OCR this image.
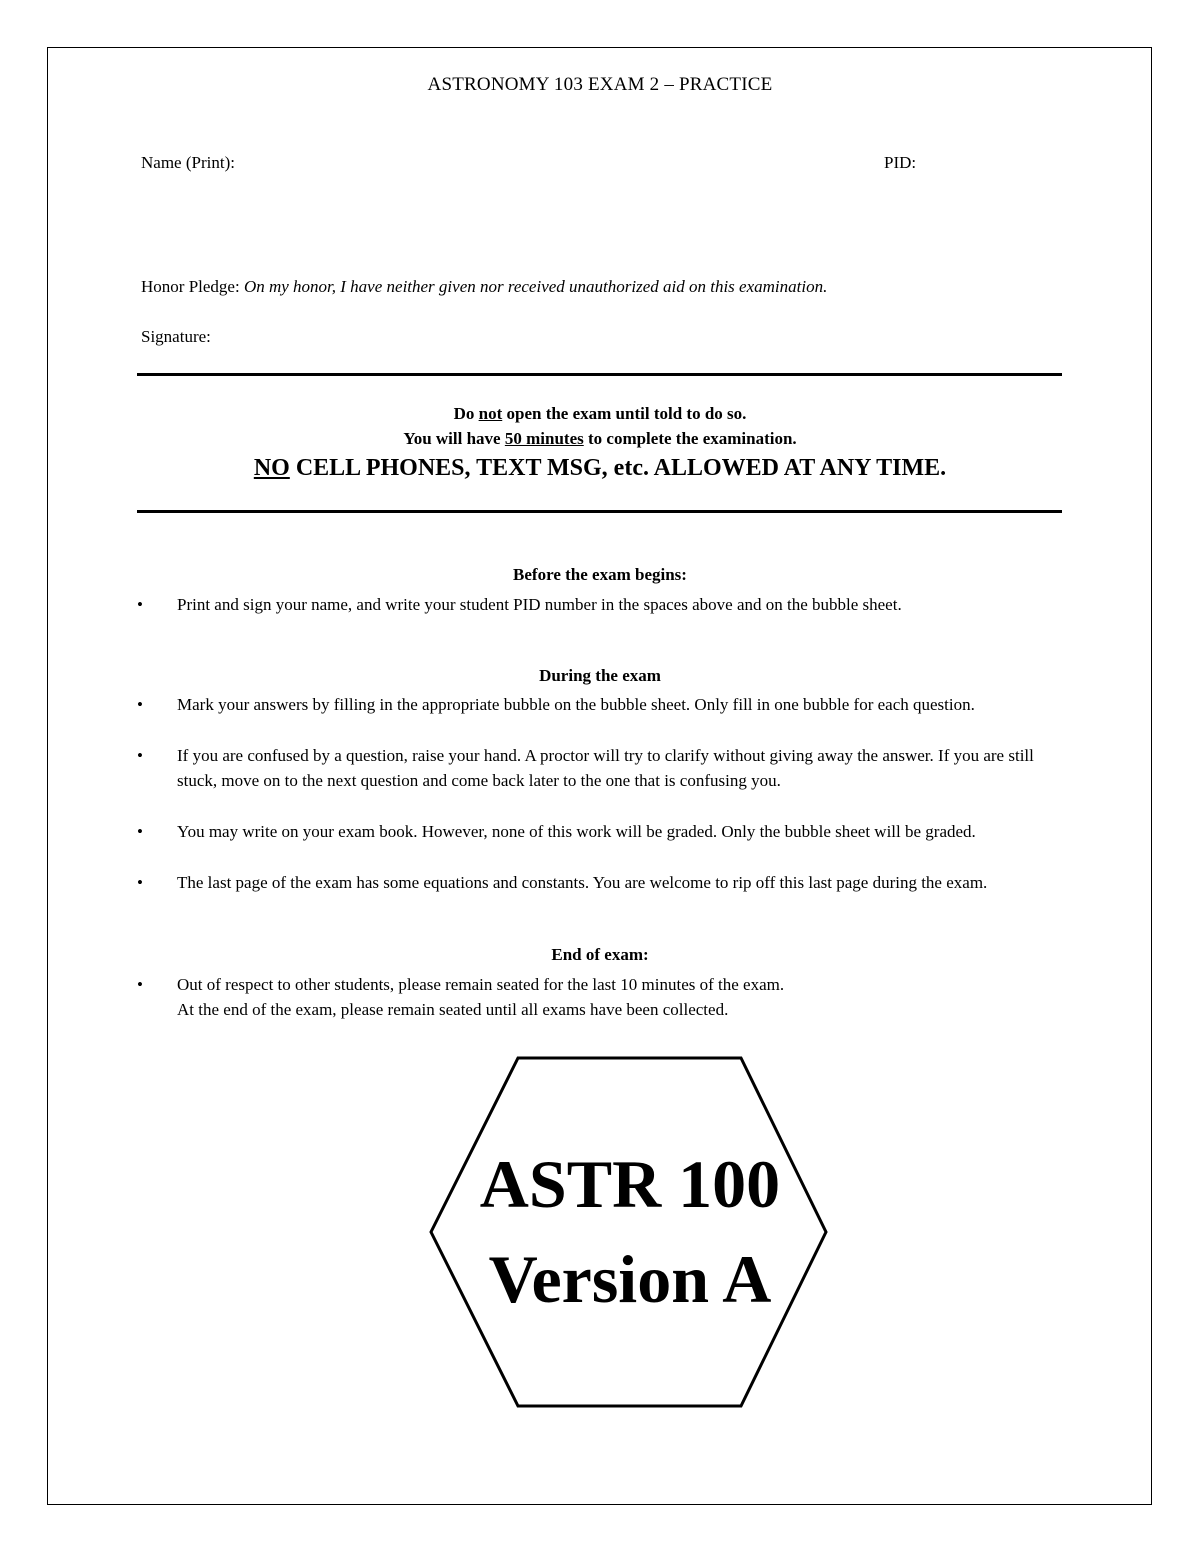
ASTRONOMY 103 EXAM 2 – PRACTICE
Name (Print):	PID:
Honor Pledge: On my honor, I have neither given nor received unauthorized aid on this examination.
Signature:
Do not open the exam until told to do so.
You will have 50 minutes to complete the examination.
NO CELL PHONES, TEXT MSG, etc. ALLOWED AT ANY TIME.
Before the exam begins:
•	Print and sign your name, and write your student PID number in the spaces above and on the bubble sheet.
During the exam
•	Mark your answers by filling in the appropriate bubble on the bubble sheet. Only fill in one bubble for each question.
•	If you are confused by a question, raise your hand. A proctor will try to clarify without giving away the answer. If you are still stuck, move on to the next question and come back later to the one that is confusing you.
•	You may write on your exam book. However, none of this work will be graded. Only the bubble sheet will be graded.
•	The last page of the exam has some equations and constants. You are welcome to rip off this last page during the exam.
End of exam:
•	Out of respect to other students, please remain seated for the last 10 minutes of the exam.
At the end of the exam, please remain seated until all exams have been collected.
ASTR 100
Version A
